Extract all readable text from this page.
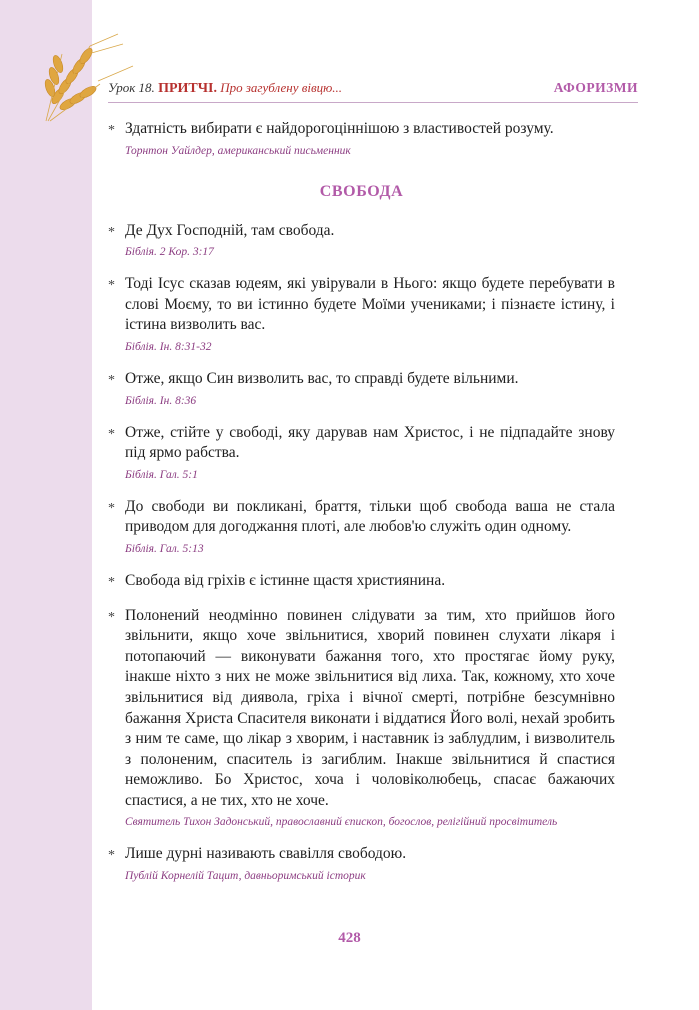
Урок 18. ПРИТЧІ. Про загублену вівцю...	АФОРИЗМИ
* Здатність вибирати є найдорогоціннішою з властивостей розуму.
Торнтон Уайлдер, американський письменник
СВОБОДА
* Де Дух Господній, там свобода.
Біблія. 2 Кор. 3:17
* Тоді Ісус сказав юдеям, які увірували в Нього: якщо будете перебувати в слові Моєму, то ви істинно будете Моїми учениками; і пізнаєте істину, і істина визволить вас.
Біблія. Ін. 8:31-32
* Отже, якщо Син визволить вас, то справді будете вільними.
Біблія. Ін. 8:36
* Отже, стійте у свободі, яку дарував нам Христос, і не підпадайте знову під ярмо рабства.
Біблія. Гал. 5:1
* До свободи ви покликані, браття, тільки щоб свобода ваша не стала приводом для догоджання плоті, але любов'ю служіть один одному.
Біблія. Гал. 5:13
* Свобода від гріхів є істинне щастя християнина.
* Полонений неодмінно повинен слідувати за тим, хто прийшов його звільнити, якщо хоче звільнитися, хворий повинен слухати лікаря і потопаючий — виконувати бажання того, хто простягає йому руку, інакше ніхто з них не може звільнитися від лиха. Так, кожному, хто хоче звільнитися від диявола, гріха і вічної смерті, потрібне безсумнівно бажання Христа Спасителя виконати і віддатися Його волі, нехай зробить з ним те саме, що лікар з хворим, і наставник із заблудлим, і визволитель з полоненим, спаситель із загиблим. Інакше звільнитися й спастися неможливо. Бо Христос, хоча і чоловіколюбець, спасає бажаючих спастися, а не тих, хто не хоче.
Святитель Тихон Задонський, православний єпископ, богослов, релігійний просвітитель
* Лише дурні називають свавілля свободою.
Публій Корнелій Тацит, давньоримський історик
428
